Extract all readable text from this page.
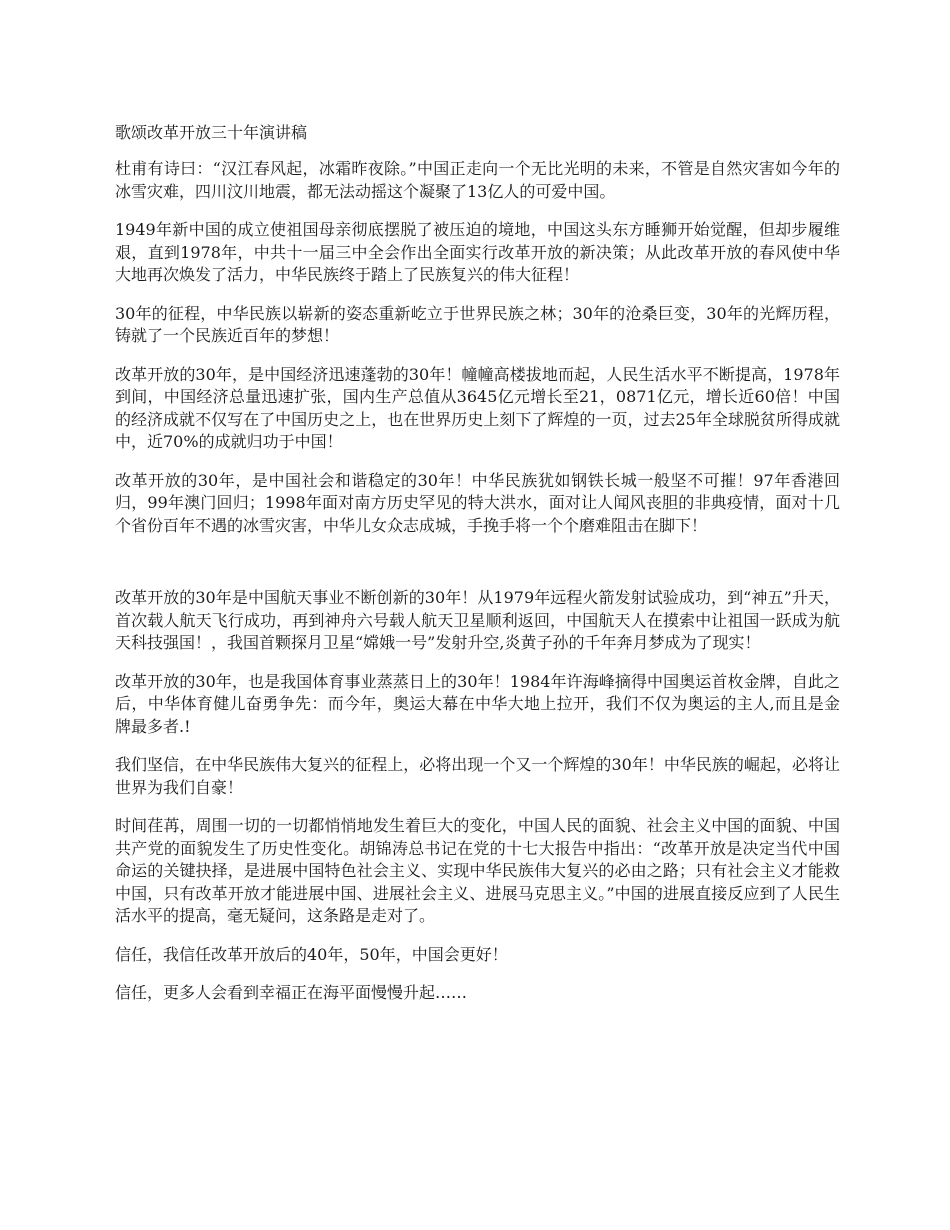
歌颂改革开放三十年演讲稿

杜甫有诗曰：“汉江春风起，冰霜昨夜除。”中国正走向一个无比光明的未来，不管是自然灾害如今年的冰雪灾难，四川汶川地震，都无法动摇这个凝聚了13亿人的可爱中国。

1949年新中国的成立使祖国母亲彻底摆脱了被压迫的境地，中国这头东方睡狮开始觉醒，但却步履维艰，直到1978年，中共十一届三中全会作出全面实行改革开放的新决策；从此改革开放的春风使中华大地再次焕发了活力，中华民族终于踏上了民族复兴的伟大征程！

30年的征程，中华民族以崭新的姿态重新屹立于世界民族之林；30年的沧桑巨变，30年的光辉历程，铸就了一个民族近百年的梦想！

改革开放的30年，是中国经济迅速蓬勃的30年！幢幢高楼拔地而起，人民生活水平不断提高，1978年到间，中国经济总量迅速扩张，国内生产总值从3645亿元增长至21，0871亿元，增长近60倍！中国的经济成就不仅写在了中国历史之上，也在世界历史上刻下了辉煌的一页，过去25年全球脱贫所得成就中，近70%的成就归功于中国！

改革开放的30年，是中国社会和谐稳定的30年！中华民族犹如钢铁长城一般坚不可摧！97年香港回归，99年澳门回归；1998年面对南方历史罕见的特大洪水，面对让人闻风丧胆的非典疫情，面对十几个省份百年不遇的冰雪灾害，中华儿女众志成城，手挽手将一个个磨难阻击在脚下！

改革开放的30年是中国航天事业不断创新的30年！从1979年远程火箭发射试验成功，到“神五”升天，首次载人航天飞行成功，再到神舟六号载人航天卫星顺利返回，中国航天人在摸索中让祖国一跃成为航天科技强国！，我国首颗探月卫星“嫦娥一号”发射升空,炎黄子孙的千年奔月梦成为了现实！

改革开放的30年，也是我国体育事业蒸蒸日上的30年！1984年许海峰摘得中国奥运首枚金牌，自此之后，中华体育健儿奋勇争先：而今年，奥运大幕在中华大地上拉开，我们不仅为奥运的主人,而且是金牌最多者.!

我们坚信，在中华民族伟大复兴的征程上，必将出现一个又一个辉煌的30年！中华民族的崛起，必将让世界为我们自豪！

时间荏苒，周围一切的一切都悄悄地发生着巨大的变化，中国人民的面貌、社会主义中国的面貌、中国共产党的面貌发生了历史性变化。胡锦涛总书记在党的十七大报告中指出：“改革开放是决定当代中国命运的关键抉择，是进展中国特色社会主义、实现中华民族伟大复兴的必由之路；只有社会主义才能救中国，只有改革开放才能进展中国、进展社会主义、进展马克思主义。”中国的进展直接反应到了人民生活水平的提高，毫无疑问，这条路是走对了。

信任，我信任改革开放后的40年，50年，中国会更好！

信任，更多人会看到幸福正在海平面慢慢升起……
